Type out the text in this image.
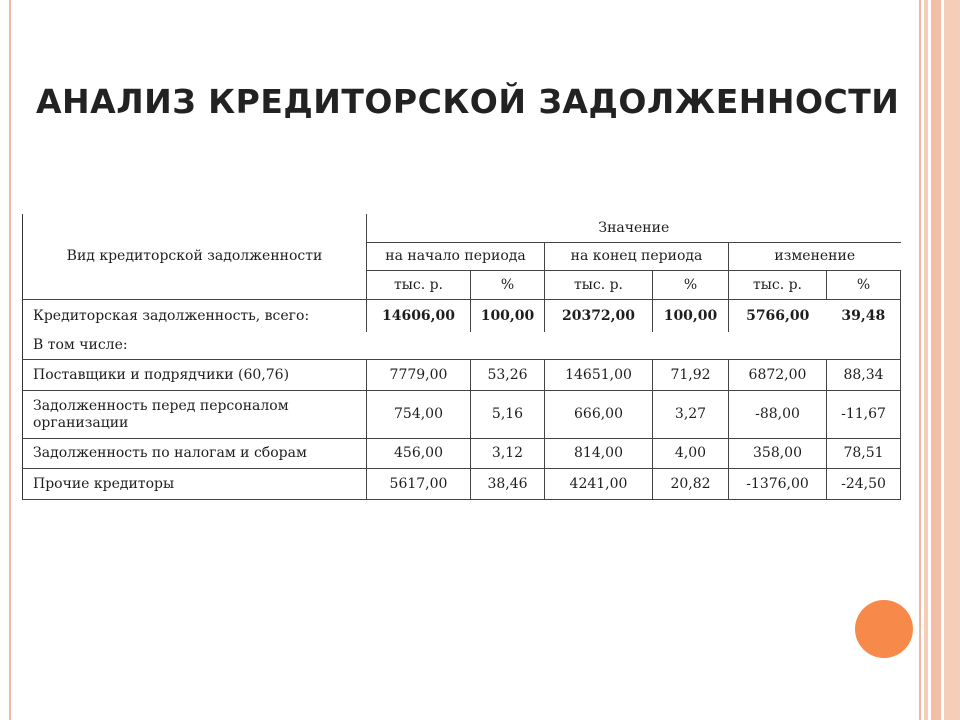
АНАЛИЗ КРЕДИТОРСКОЙ ЗАДОЛЖЕННОСТИ
Вид кредиторской задолженности	Значение					
	на начало периода		на конец периода		изменение	
	тыс. р.	%	тыс. р.	%	тыс. р.	%
Кредиторская задолженность, всего:	14606,00	100,00	20372,00	100,00	5766,00	39,48
В том числе:						
Поставщики и подрядчики (60,76)	7779,00	53,26	14651,00	71,92	6872,00	88,34
Задолженность перед персоналом
организации	754,00	5,16	666,00	3,27	-88,00	-11,67
Задолженность по налогам и сборам	456,00	3,12	814,00	4,00	358,00	78,51
Прочие кредиторы	5617,00	38,46	4241,00	20,82	-1376,00	-24,50
